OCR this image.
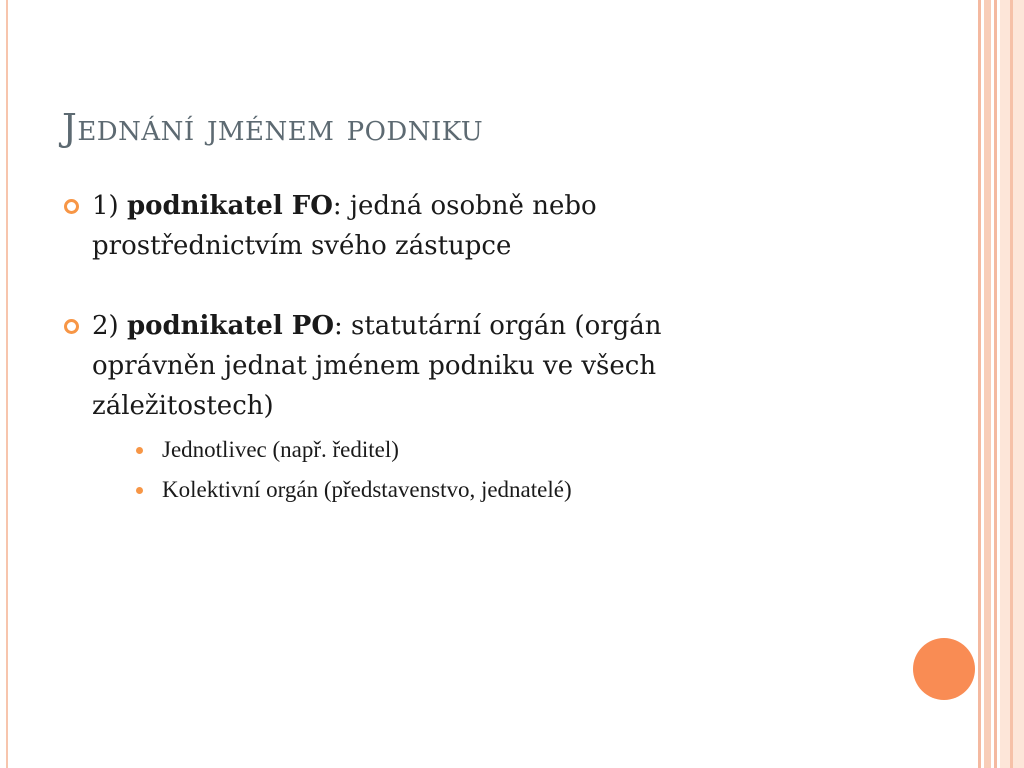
Jednání jménem podniku
1) podnikatel FO: jedná osobně nebo prostřednictvím svého zástupce
2) podnikatel PO: statutární orgán (orgán oprávněn jednat jménem podniku ve všech záležitostech)
Jednotlivec (např. ředitel)
Kolektivní orgán (představenstvo, jednatelé)
